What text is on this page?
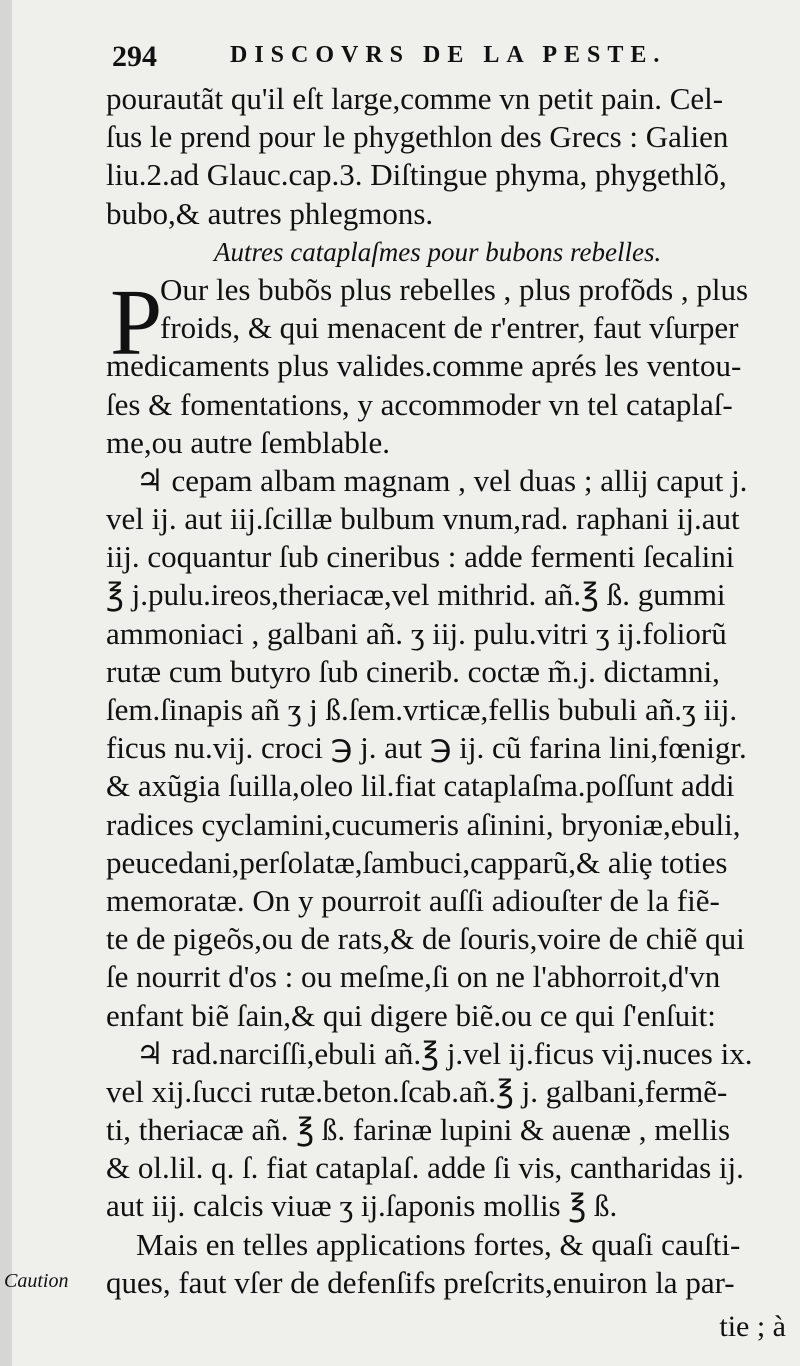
294	DISCOVRS DE LA PESTE.
P
pourautãt qu'il eſt large,comme vn petit pain. Cel-
ſus le prend pour le phygethlon des Grecs : Galien
liu.2.ad Glauc.cap.3. Diſtingue phyma, phygethlõ,
bubo,& autres phlegmons.
Autres cataplaſmes pour bubons rebelles.
Our les bubõs plus rebelles , plus profõds , plus
froids, & qui menacent de r'entrer, faut vſurper
medicaments plus valides.comme aprés les ventou-
ſes & fomentations, y accommoder vn tel cataplaſ-
me,ou autre ſemblable.
♃ cepam albam magnam , vel duas ; allij caput j.
vel ij. aut iij.ſcillæ bulbum vnum,rad. raphani ij.aut
iij. coquantur ſub cineribus : adde fermenti ſecalini
℥ j.pulu.ireos,theriacæ,vel mithrid. añ.℥ ß. gummi
ammoniaci , galbani añ. ʒ iij. pulu.vitri ʒ ij.foliorũ
rutæ cum butyro ſub cinerib. coctæ m̃.j. dictamni,
ſem.ſinapis añ ʒ j ß.ſem.vrticæ,fellis bubuli añ.ʒ iij.
ficus nu.vij. croci ℈ j. aut ℈ ij. cũ farina lini,fœnigr.
& axũgia ſuilla,oleo lil.fiat cataplaſma.poſſunt addi
radices cyclamini,cucumeris aſinini, bryoniæ,ebuli,
peucedani,perſolatæ,ſambuci,capparũ,& aliȩ toties
memoratæ. On y pourroit auſſi adiouſter de la fiẽ-
te de pigeõs,ou de rats,& de ſouris,voire de chiẽ qui
ſe nourrit d'os : ou meſme,ſi on ne l'abhorroit,d'vn
enfant biẽ ſain,& qui digere biẽ.ou ce qui ſ'enſuit:
♃ rad.narciſſi,ebuli añ.℥ j.vel ij.ficus vij.nuces ix.
vel xij.ſucci rutæ.beton.ſcab.añ.℥ j. galbani,fermẽ-
ti, theriacæ añ. ℥ ß. farinæ lupini & auenæ , mellis
& ol.lil. q. ſ. fiat cataplaſ. adde ſi vis, cantharidas ij.
aut iij. calcis viuæ ʒ ij.ſaponis mollis ℥ ß.
Mais en telles applications fortes, & quaſi cauſti-
ques, faut vſer de defenſifs preſcrits,enuiron la par-
Caution
tie ; à
